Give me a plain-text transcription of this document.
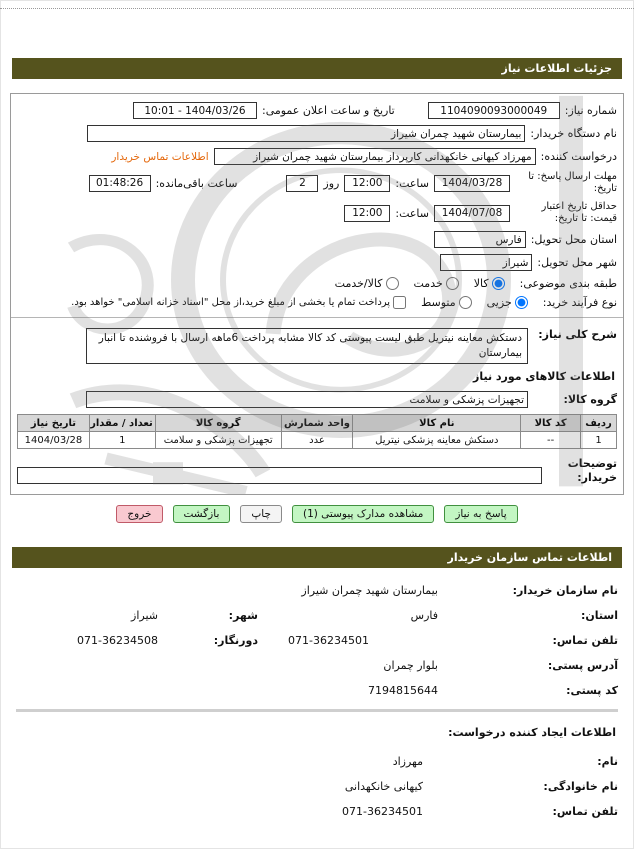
جزئیات اطلاعات نیاز
شماره نیاز:
1104090093000049
تاریخ و ساعت اعلان عمومی:
1404/03/26 - 10:01
نام دستگاه خریدار:
بیمارستان شهید چمران شیراز
درخواست کننده:
مهرزاد کیهانی خانکهدانی کارپرداز بیمارستان شهید چمران شیراز
اطلاعات تماس خریدار
مهلت ارسال پاسخ: تا تاریخ:
1404/03/28
ساعت:
12:00
روز
2
ساعت باقی‌مانده:
01:48:26
حداقل تاریخ اعتبار قیمت: تا تاریخ:
1404/07/08
ساعت:
12:00
استان محل تحویل:
فارس
شهر محل تحویل:
شیراز
طبقه بندی موضوعی:
کالا
خدمت
کالا/خدمت
نوع فرآیند خرید:
جزیی
متوسط
پرداخت تمام یا بخشی از مبلغ خرید،از محل "اسناد خزانه اسلامی" خواهد بود.
شرح کلی نیاز:
دستکش معاینه نیتریل طبق لیست پیوستی کد کالا مشابه پرداخت 6ماهه ارسال با فروشنده تا انبار بیمارستان
اطلاعات کالاهای مورد نیاز
گروه کالا:
تجهیزات پزشکی و سلامت
ردیف	کد کالا	نام کالا	واحد شمارش	گروه کالا	تعداد / مقدار	تاریخ نیاز
1	--	دستکش معاینه پزشکی نیتریل	عدد	تجهیزات پزشکی و سلامت	1	1404/03/28
توضیحات خریدار:
پاسخ به نیاز
مشاهده مدارک پیوستی (1)
چاپ
بازگشت
خروج
اطلاعات تماس سازمان خریدار
نام سازمان خریدار:
بیمارستان شهید چمران شیراز
استان:
فارس
شهر:
شیراز
تلفن تماس:
071-36234501
دورنگار:
071-36234508
آدرس پستی:
بلوار چمران
کد پستی:
7194815644
اطلاعات ایجاد کننده درخواست:
نام:
مهرزاد
نام خانوادگی:
کیهانی خانکهدانی
تلفن تماس:
071-36234501
